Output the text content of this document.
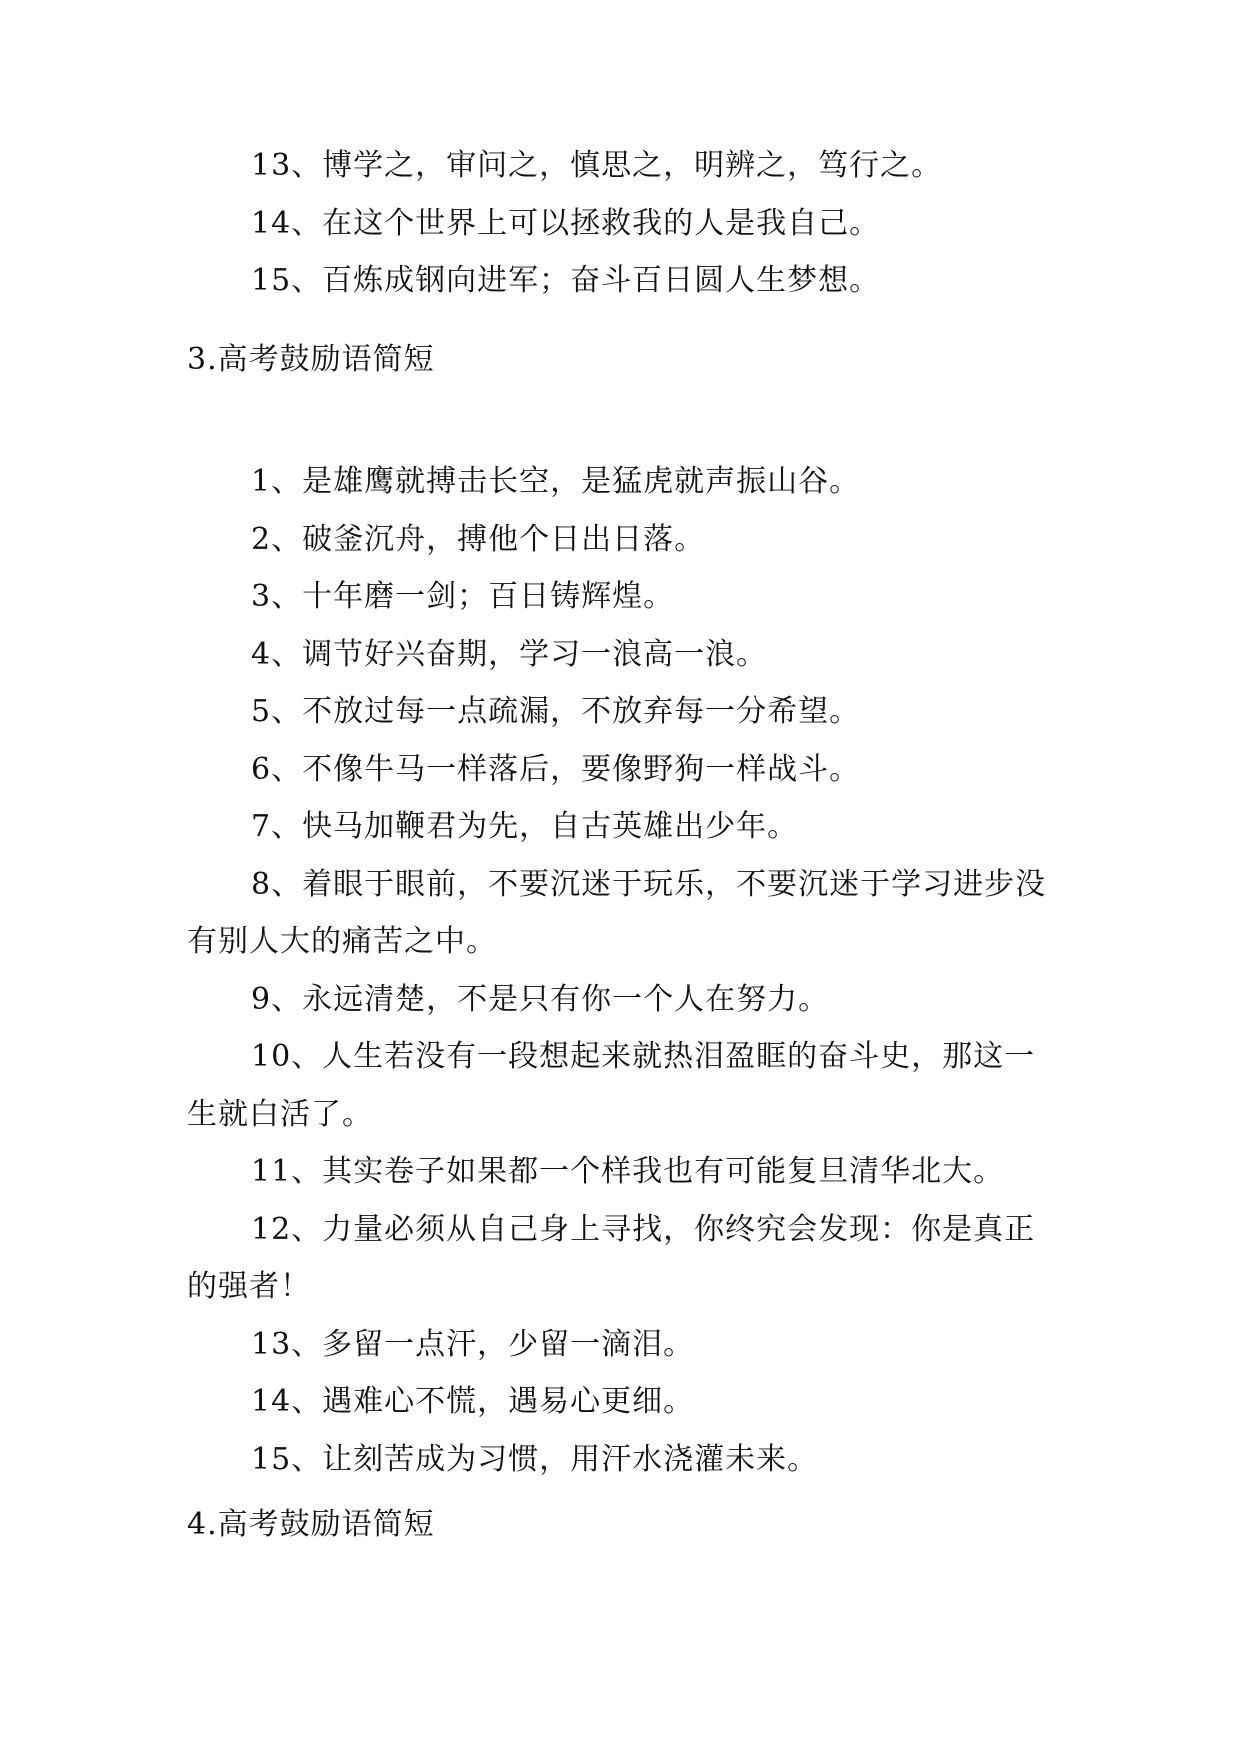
13、博学之，审问之，慎思之，明辨之，笃行之。
14、在这个世界上可以拯救我的人是我自己。
15、百炼成钢向进军；奋斗百日圆人生梦想。
3.高考鼓励语简短
1、是雄鹰就搏击长空，是猛虎就声振山谷。
2、破釜沉舟，搏他个日出日落。
3、十年磨一剑；百日铸辉煌。
4、调节好兴奋期，学习一浪高一浪。
5、不放过每一点疏漏，不放弃每一分希望。
6、不像牛马一样落后，要像野狗一样战斗。
7、快马加鞭君为先，自古英雄出少年。
8、着眼于眼前，不要沉迷于玩乐，不要沉迷于学习进步没有别人大的痛苦之中。
9、永远清楚，不是只有你一个人在努力。
10、人生若没有一段想起来就热泪盈眶的奋斗史，那这一生就白活了。
11、其实卷子如果都一个样我也有可能复旦清华北大。
12、力量必须从自己身上寻找，你终究会发现：你是真正的强者！
13、多留一点汗，少留一滴泪。
14、遇难心不慌，遇易心更细。
15、让刻苦成为习惯，用汗水浇灌未来。
4.高考鼓励语简短
